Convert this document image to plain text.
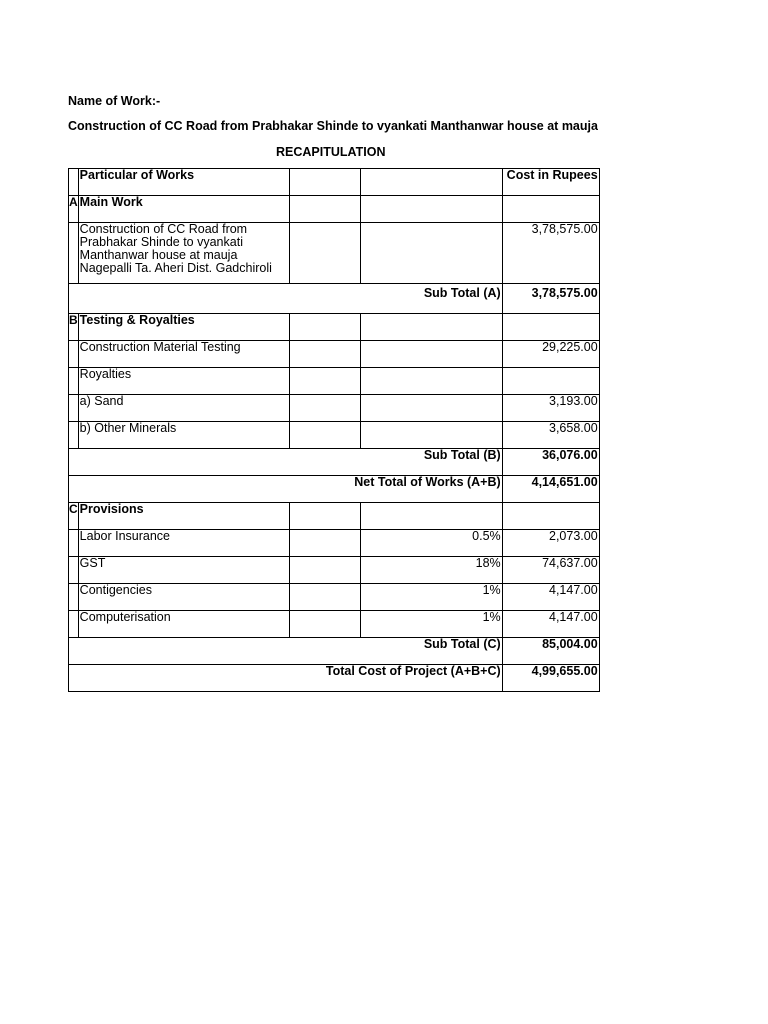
Name of Work:-
Construction of CC Road from Prabhakar Shinde to vyankati Manthanwar house at mauja
RECAPITULATION
	Particular of Works			Cost in Rupees
A	Main Work			
	Construction of CC Road from Prabhakar Shinde to vyankati Manthanwar house at mauja Nagepalli Ta. Aheri Dist. Gadchiroli			3,78,575.00
Sub Total (A)				3,78,575.00
B	Testing & Royalties			
	Construction Material Testing			29,225.00
	Royalties			
	a) Sand			3,193.00
	b) Other Minerals			3,658.00
Sub Total (B)				36,076.00
Net Total of Works (A+B)				4,14,651.00
C	Provisions			
	Labor Insurance		0.5%	2,073.00
	GST		18%	74,637.00
	Contigencies		1%	4,147.00
	Computerisation		1%	4,147.00
Sub Total (C)				85,004.00
Total Cost of Project (A+B+C)				4,99,655.00
